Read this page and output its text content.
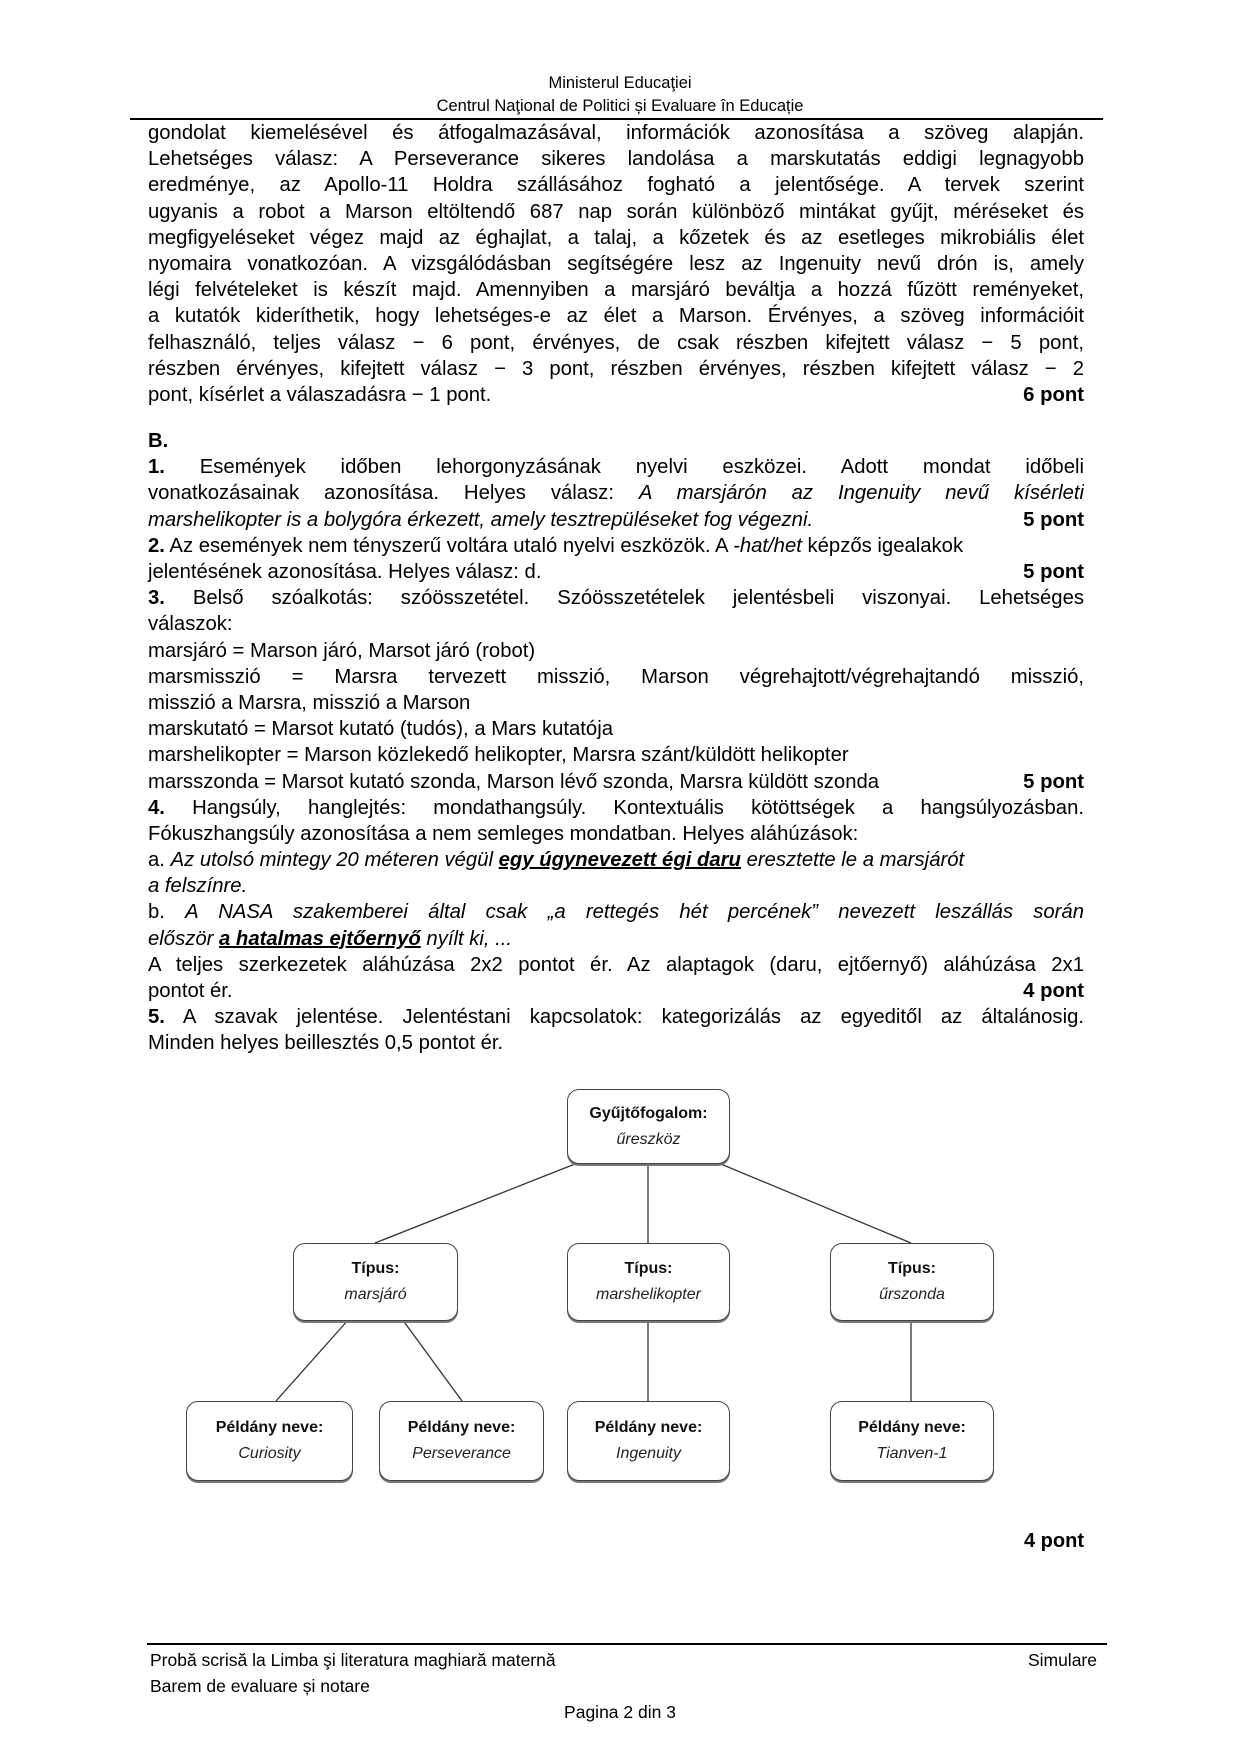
Ministerul Educaţiei
Centrul Naţional de Politici și Evaluare în Educație
gondolat kiemelésével és átfogalmazásával, információk azonosítása a szöveg alapján.
Lehetséges válasz: A Perseverance sikeres landolása a marskutatás eddigi legnagyobb
eredménye, az Apollo-11 Holdra szállásához fogható a jelentősége. A tervek szerint
ugyanis a robot a Marson eltöltendő 687 nap során különböző mintákat gyűjt, méréseket és
megfigyeléseket végez majd az éghajlat, a talaj, a kőzetek és az esetleges mikrobiális élet
nyomaira vonatkozóan. A vizsgálódásban segítségére lesz az Ingenuity nevű drón is, amely
légi felvételeket is készít majd. Amennyiben a marsjáró beváltja a hozzá fűzött reményeket,
a kutatók kideríthetik, hogy lehetséges-e az élet a Marson. Érvényes, a szöveg információit
felhasználó, teljes válasz − 6 pont, érvényes, de csak részben kifejtett válasz − 5 pont,
részben érvényes, kifejtett válasz − 3 pont, részben érvényes, részben kifejtett válasz − 2
pont, kísérlet a válaszadásra − 1 pont.	6 pont
B.
1. Események időben lehorgonyzásának nyelvi eszközei. Adott mondat időbeli
vonatkozásainak azonosítása. Helyes válasz: A marsjárón az Ingenuity nevű kísérleti
marshelikopter is a bolygóra érkezett, amely tesztrepüléseket fog végezni.	5 pont
2. Az események nem tényszerű voltára utaló nyelvi eszközök. A -hat/het képzős igealakok
jelentésének azonosítása. Helyes válasz: d.	5 pont
3. Belső szóalkotás: szóösszetétel. Szóösszetételek jelentésbeli viszonyai. Lehetséges
válaszok:
marsjáró = Marson járó, Marsot járó (robot)
marsmisszió = Marsra tervezett misszió, Marson végrehajtott/végrehajtandó misszió,
misszió a Marsra, misszió a Marson
marskutató = Marsot kutató (tudós), a Mars kutatója
marshelikopter = Marson közlekedő helikopter, Marsra szánt/küldött helikopter
marsszonda = Marsot kutató szonda, Marson lévő szonda, Marsra küldött szonda	5 pont
4. Hangsúly, hanglejtés: mondathangsúly. Kontextuális kötöttségek a hangsúlyozásban.
Fókuszhangsúly azonosítása a nem semleges mondatban. Helyes aláhúzások:
a. Az utolsó mintegy 20 méteren végül egy úgynevezett égi daru eresztette le a marsjárót
a felszínre.
b. A NASA szakemberei által csak „a rettegés hét percének” nevezett leszállás során
először a hatalmas ejtőernyő nyílt ki, ...
A teljes szerkezetek aláhúzása 2x2 pontot ér. Az alaptagok (daru, ejtőernyő) aláhúzása 2x1
pontot ér.	4 pont
5. A szavak jelentése. Jelentéstani kapcsolatok: kategorizálás az egyeditől az általánosig.
Minden helyes beillesztés 0,5 pontot ér.
Gyűjtőfogalom:
űreszköz
Típus:
marsjáró
Típus:
marshelikopter
Típus:
űrszonda
Példány neve:
Curiosity
Példány neve:
Perseverance
Példány neve:
Ingenuity
Példány neve:
Tianven-1
4 pont
Probă scrisă la Limba şi literatura maghiară maternă
Barem de evaluare și notare
Simulare
Pagina 2 din 3
